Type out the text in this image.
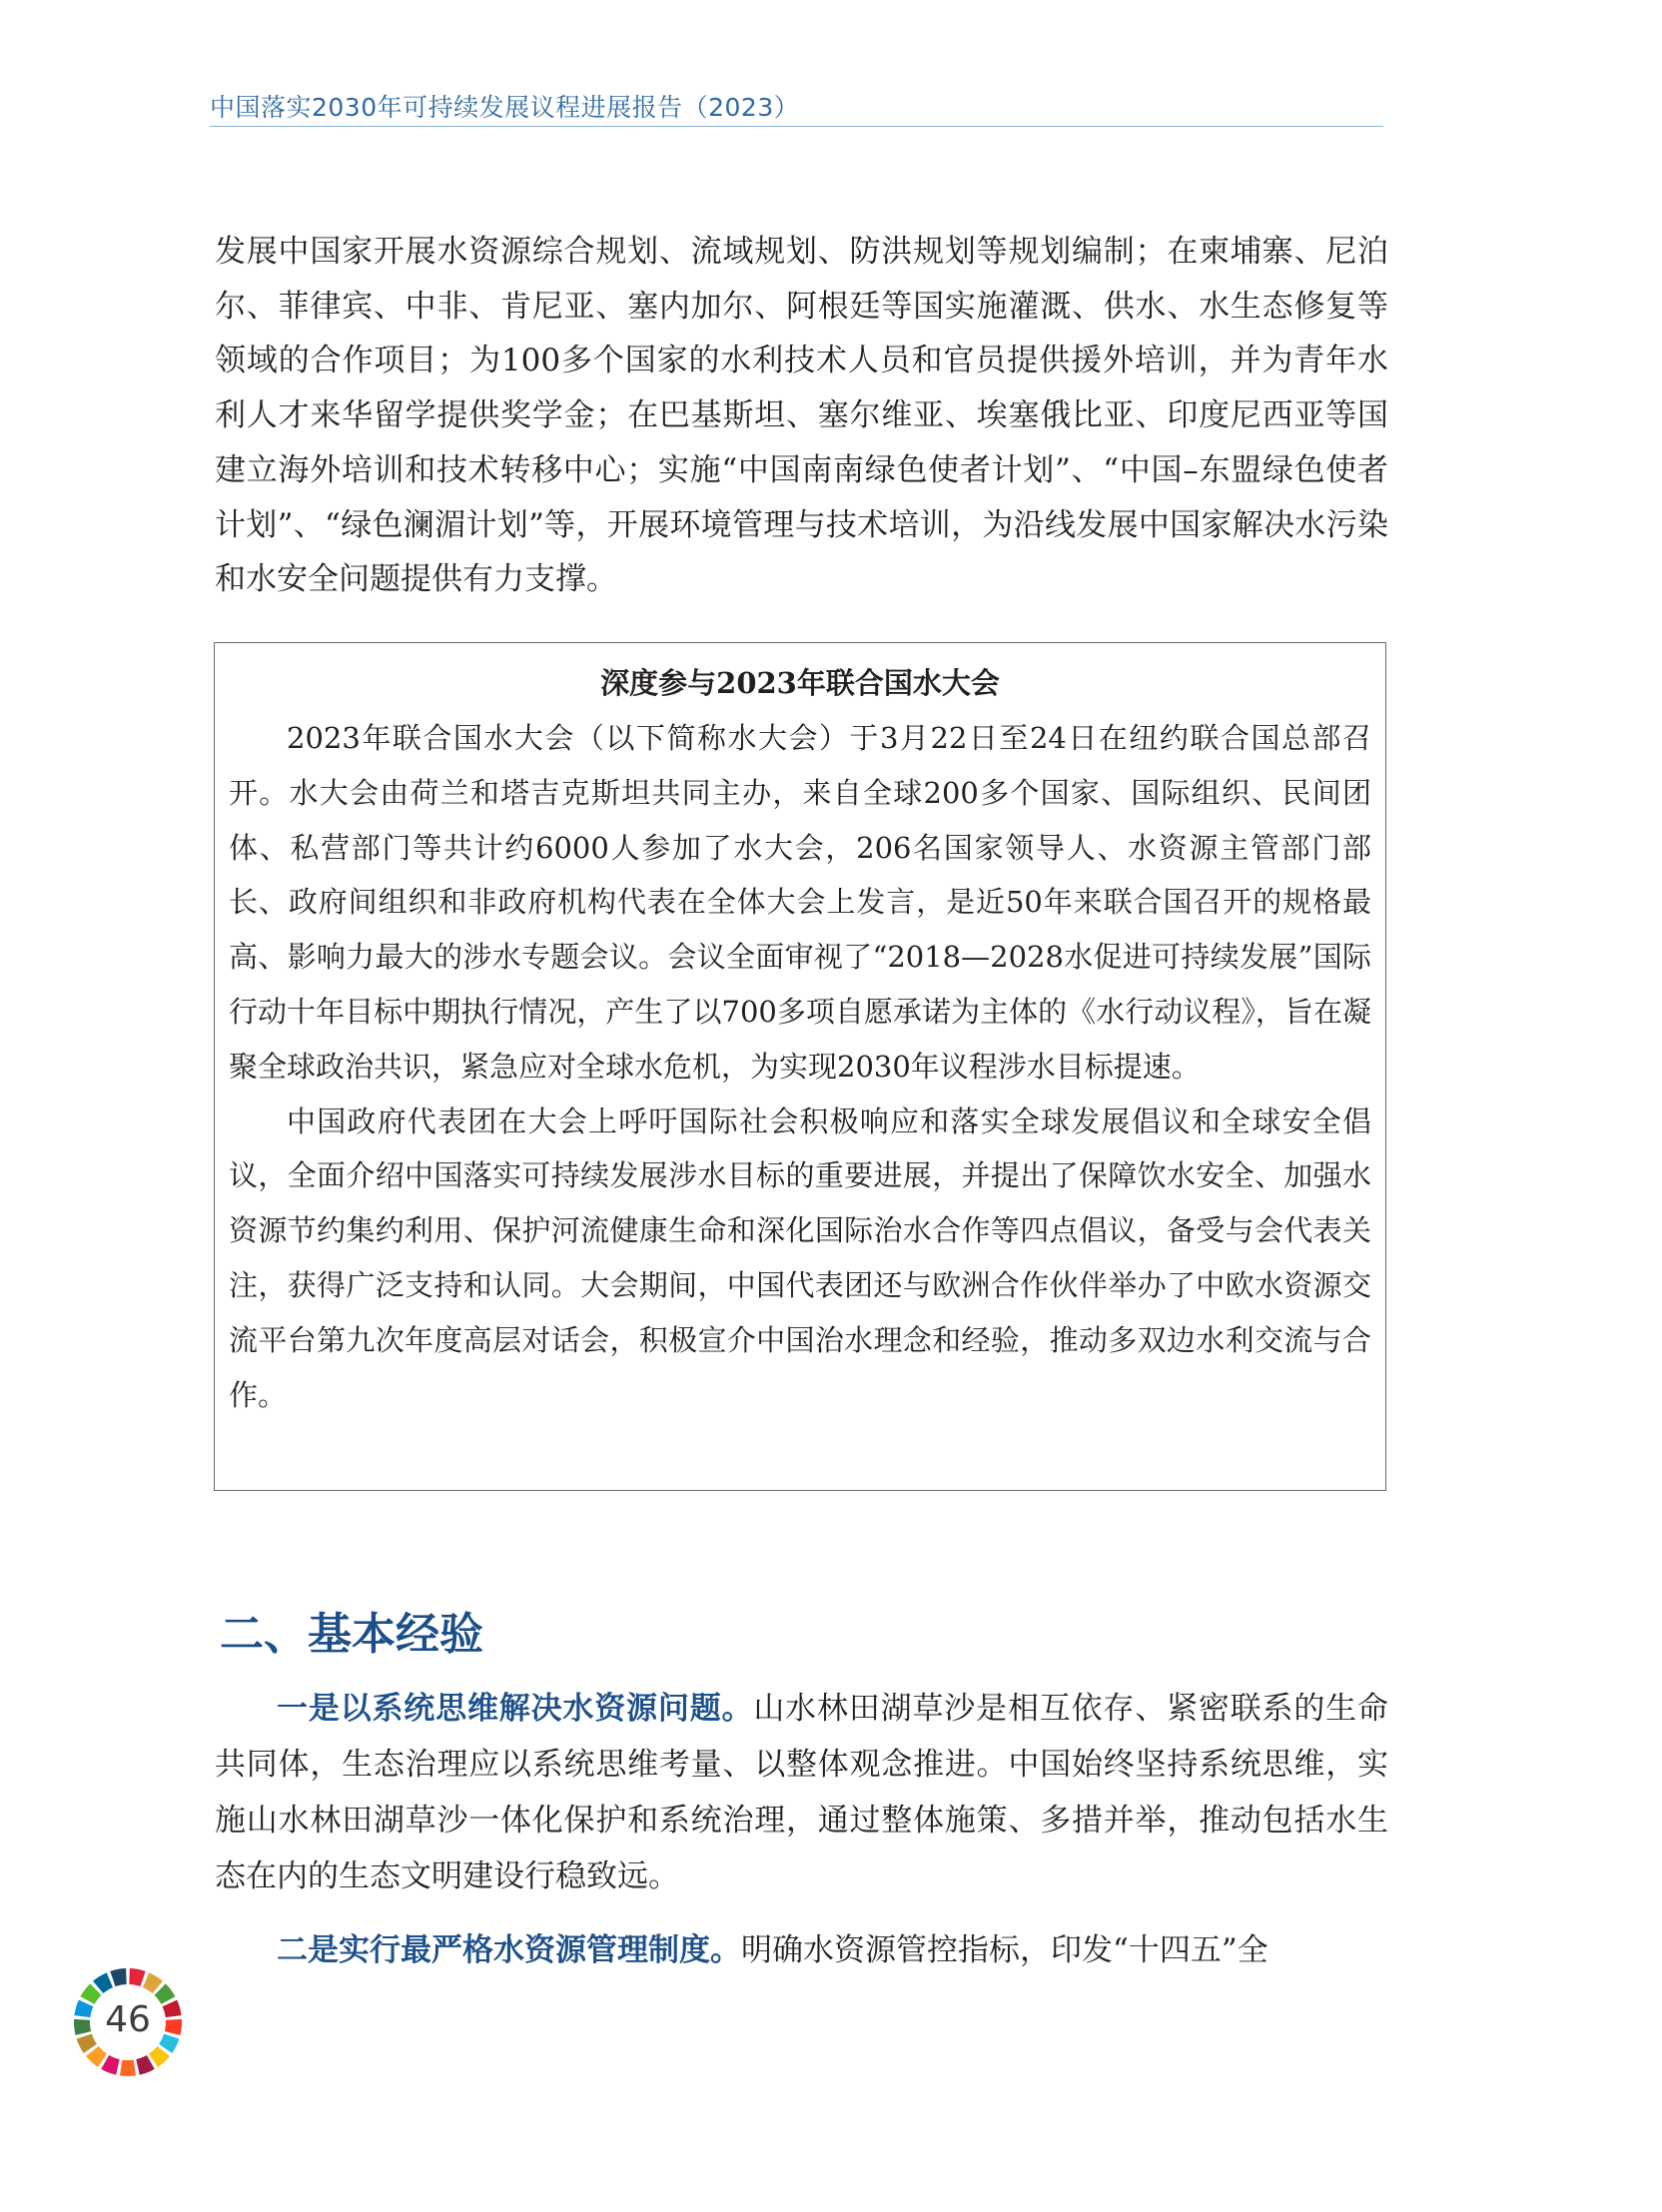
中国落实2030年可持续发展议程进展报告（2023）

发展中国家开展水资源综合规划、流域规划、防洪规划等规划编制；在柬埔寨、尼泊尔、菲律宾、中非、肯尼亚、塞内加尔、阿根廷等国实施灌溉、供水、水生态修复等领域的合作项目；为100多个国家的水利技术人员和官员提供援外培训，并为青年水利人才来华留学提供奖学金；在巴基斯坦、塞尔维亚、埃塞俄比亚、印度尼西亚等国建立海外培训和技术转移中心；实施“中国南南绿色使者计划”、“中国–东盟绿色使者计划”、“绿色澜湄计划”等，开展环境管理与技术培训，为沿线发展中国家解决水污染和水安全问题提供有力支撑。

深度参与2023年联合国水大会

2023年联合国水大会（以下简称水大会）于3月22日至24日在纽约联合国总部召开。水大会由荷兰和塔吉克斯坦共同主办，来自全球200多个国家、国际组织、民间团体、私营部门等共计约6000人参加了水大会，206名国家领导人、水资源主管部门部长、政府间组织和非政府机构代表在全体大会上发言，是近50年来联合国召开的规格最高、影响力最大的涉水专题会议。会议全面审视了“2018—2028水促进可持续发展”国际行动十年目标中期执行情况，产生了以700多项自愿承诺为主体的《水行动议程》，旨在凝聚全球政治共识，紧急应对全球水危机，为实现2030年议程涉水目标提速。

中国政府代表团在大会上呼吁国际社会积极响应和落实全球发展倡议和全球安全倡议，全面介绍中国落实可持续发展涉水目标的重要进展，并提出了保障饮水安全、加强水资源节约集约利用、保护河流健康生命和深化国际治水合作等四点倡议，备受与会代表关注，获得广泛支持和认同。大会期间，中国代表团还与欧洲合作伙伴举办了中欧水资源交流平台第九次年度高层对话会，积极宣介中国治水理念和经验，推动多双边水利交流与合作。

二、基本经验

一是以系统思维解决水资源问题。山水林田湖草沙是相互依存、紧密联系的生命共同体，生态治理应以系统思维考量、以整体观念推进。中国始终坚持系统思维，实施山水林田湖草沙一体化保护和系统治理，通过整体施策、多措并举，推动包括水生态在内的生态文明建设行稳致远。

二是实行最严格水资源管理制度。明确水资源管控指标，印发“十四五”全

46
